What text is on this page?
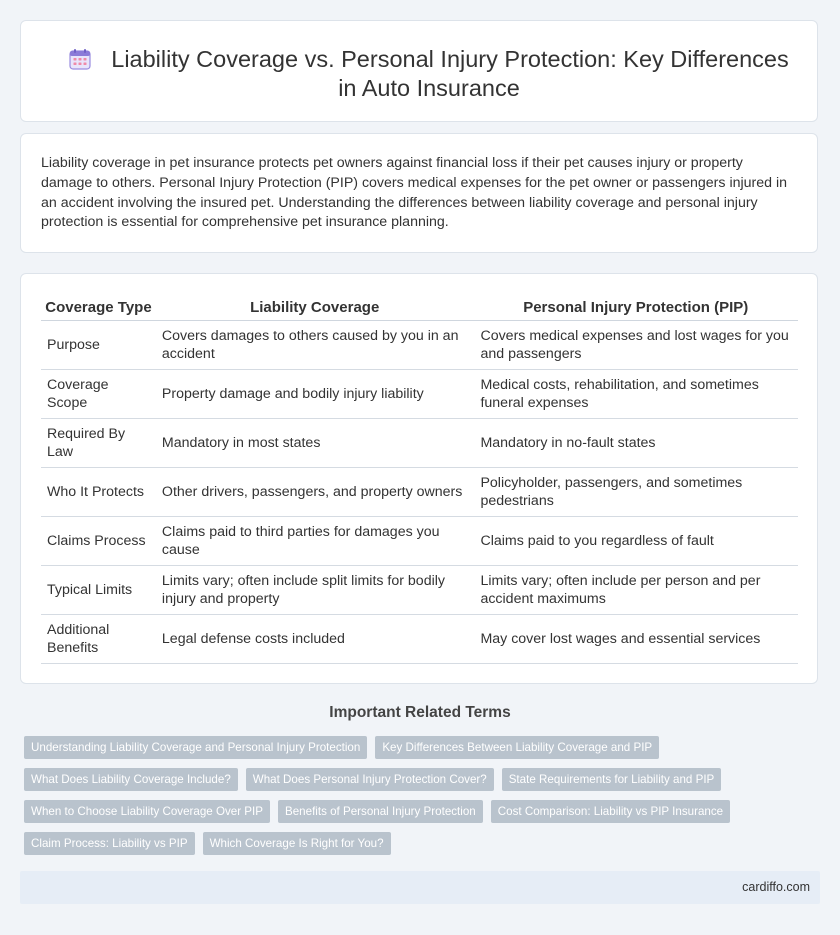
Liability Coverage vs. Personal Injury Protection: Key Differences in Auto Insurance

Liability coverage in pet insurance protects pet owners against financial loss if their pet causes injury or property damage to others. Personal Injury Protection (PIP) covers medical expenses for the pet owner or passengers injured in an accident involving the insured pet. Understanding the differences between liability coverage and personal injury protection is essential for comprehensive pet insurance planning.

Coverage Type	Liability Coverage	Personal Injury Protection (PIP)
Purpose	Covers damages to others caused by you in an accident	Covers medical expenses and lost wages for you and passengers
Coverage Scope	Property damage and bodily injury liability	Medical costs, rehabilitation, and sometimes funeral expenses
Required By Law	Mandatory in most states	Mandatory in no-fault states
Who It Protects	Other drivers, passengers, and property owners	Policyholder, passengers, and sometimes pedestrians
Claims Process	Claims paid to third parties for damages you cause	Claims paid to you regardless of fault
Typical Limits	Limits vary; often include split limits for bodily injury and property	Limits vary; often include per person and per accident maximums
Additional Benefits	Legal defense costs included	May cover lost wages and essential services
Important Related Terms
Understanding Liability Coverage and Personal Injury Protection	Key Differences Between Liability Coverage and PIP
What Does Liability Coverage Include?	What Does Personal Injury Protection Cover?	State Requirements for Liability and PIP
When to Choose Liability Coverage Over PIP	Benefits of Personal Injury Protection	Cost Comparison: Liability vs PIP Insurance
Claim Process: Liability vs PIP	Which Coverage Is Right for You?
cardiffo.com
